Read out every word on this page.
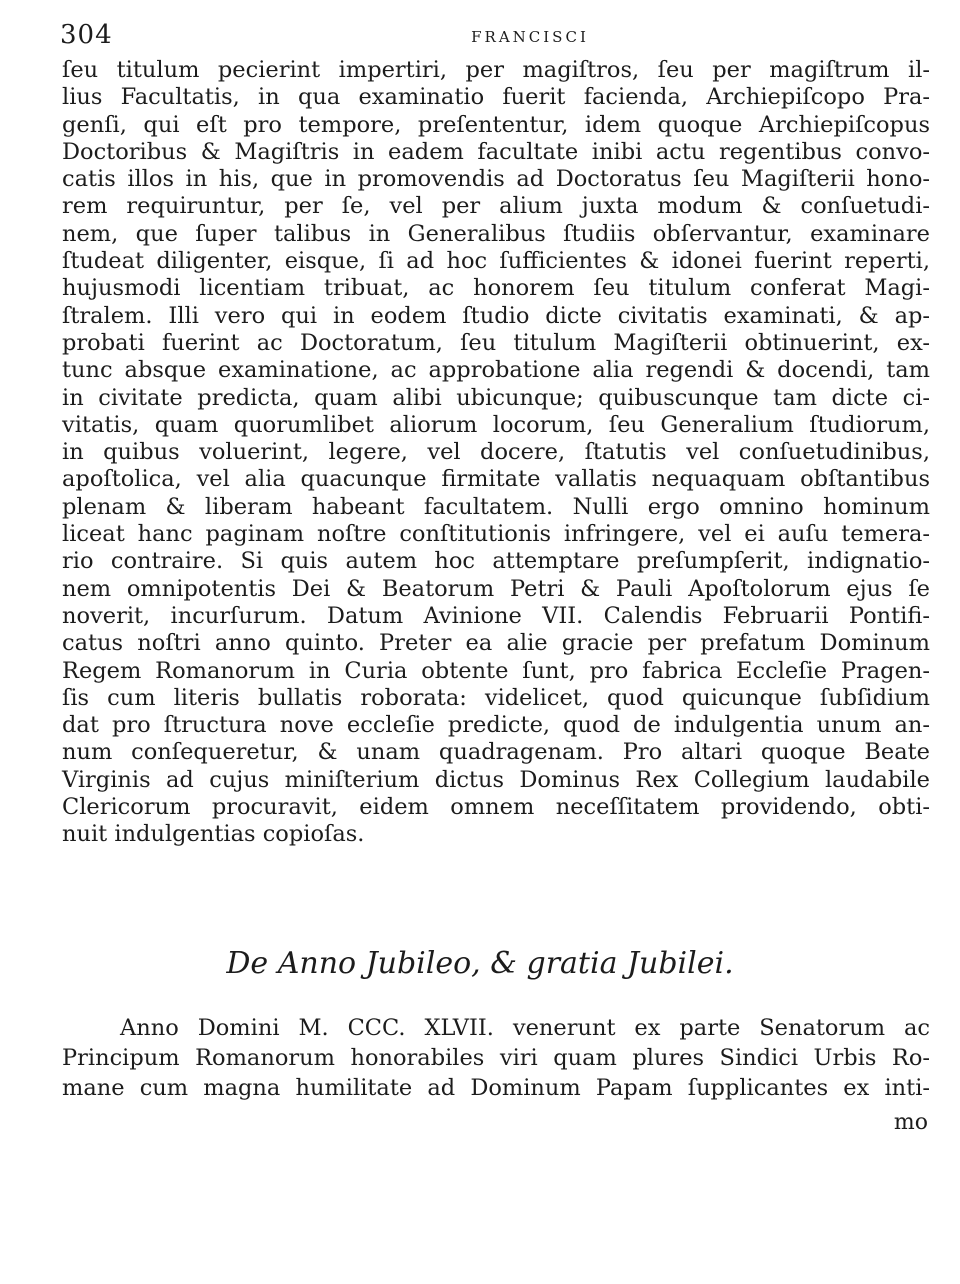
304	FRANCISCI
ſeu titulum pecierint impertiri, per magiſtros, ſeu per magiſtrum il-
lius Facultatis, in qua examinatio fuerit facienda, Archiepiſcopo Pra-
genſi, qui eſt pro tempore, preſententur, idem quoque Archiepiſcopus
Doctoribus & Magiſtris in eadem facultate inibi actu regentibus convo-
catis illos in his, que in promovendis ad Doctoratus ſeu Magiſterii hono-
rem requiruntur, per ſe, vel per alium juxta modum & conſuetudi-
nem, que ſuper talibus in Generalibus ſtudiis obſervantur, examinare
ſtudeat diligenter, eisque, ſi ad hoc ſufficientes & idonei fuerint reperti,
hujusmodi licentiam tribuat, ac honorem ſeu titulum conferat Magi-
ſtralem. Illi vero qui in eodem ſtudio dicte civitatis examinati, & ap-
probati fuerint ac Doctoratum, ſeu titulum Magiſterii obtinuerint, ex-
tunc absque examinatione, ac approbatione alia regendi & docendi, tam
in civitate predicta, quam alibi ubicunque; quibuscunque tam dicte ci-
vitatis, quam quorumlibet aliorum locorum, ſeu Generalium ſtudiorum,
in quibus voluerint, legere, vel docere, ſtatutis vel conſuetudinibus,
apoſtolica, vel alia quacunque firmitate vallatis nequaquam obſtantibus
plenam & liberam habeant facultatem. Nulli ergo omnino hominum
liceat hanc paginam noſtre conſtitutionis infringere, vel ei auſu temera-
rio contraire. Si quis autem hoc attemptare preſumpſerit, indignatio-
nem omnipotentis Dei & Beatorum Petri & Pauli Apoſtolorum ejus ſe
noverit, incurſurum. Datum Avinione VII. Calendis Februarii Pontifi-
catus noſtri anno quinto. Preter ea alie gracie per prefatum Dominum
Regem Romanorum in Curia obtente ſunt, pro fabrica Eccleſie Pragen-
ſis cum literis bullatis roborata: videlicet, quod quicunque ſubſidium
dat pro ſtructura nove eccleſie predicte, quod de indulgentia unum an-
num conſequeretur, & unam quadragenam. Pro altari quoque Beate
Virginis ad cujus miniſterium dictus Dominus Rex Collegium laudabile
Clericorum procuravit, eidem omnem neceſſitatem providendo, obti-
nuit indulgentias copioſas.
De Anno Jubileo, & gratia Jubilei.
Anno Domini M. CCC. XLVII. venerunt ex parte Senatorum ac
Principum Romanorum honorabiles viri quam plures Sindici Urbis Ro-
mane cum magna humilitate ad Dominum Papam ſupplicantes ex inti-
mo
